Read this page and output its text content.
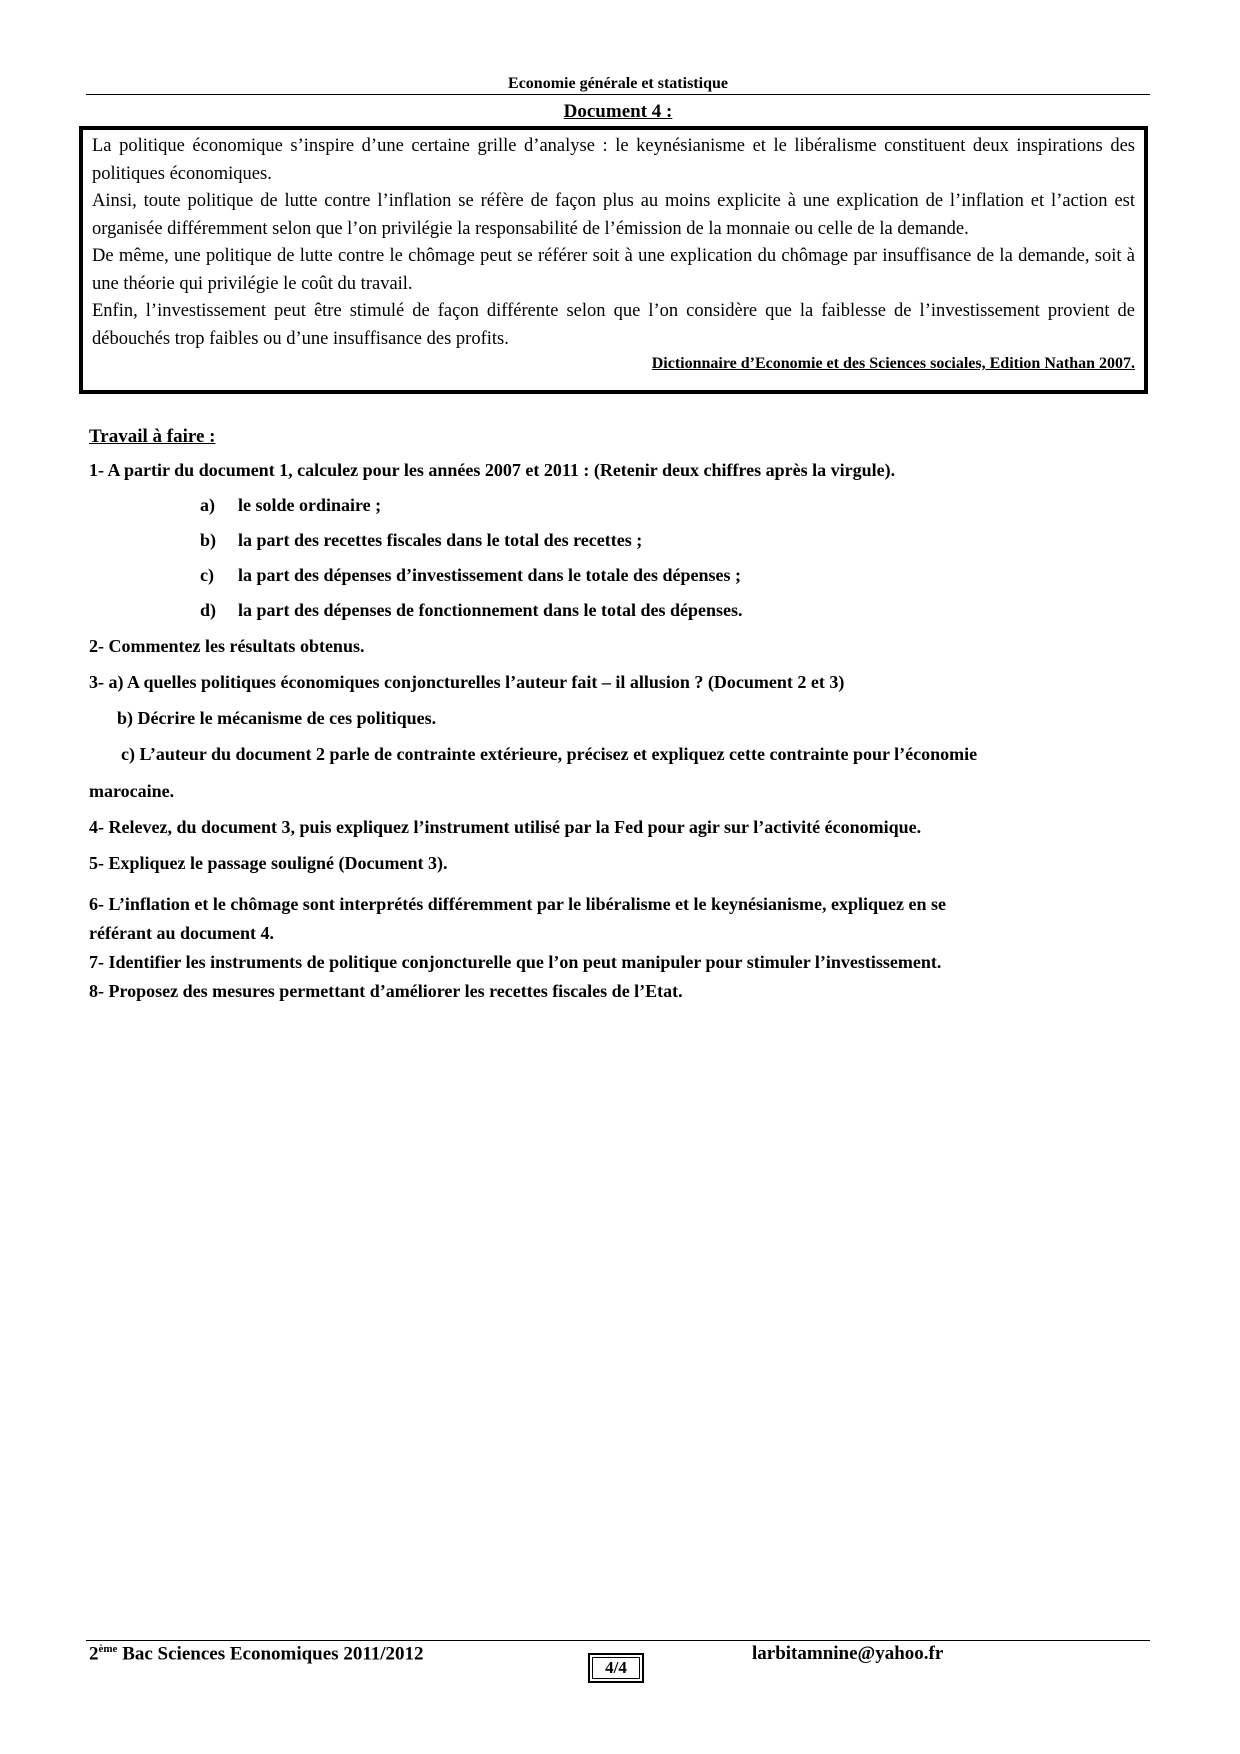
Economie générale et statistique
Document 4 :

La politique économique s’inspire d’une certaine grille d’analyse : le keynésianisme et le libéralisme constituent deux inspirations des politiques économiques.

Ainsi, toute politique de lutte contre l’inflation se réfère de façon plus au moins explicite à une explication de l’inflation et l’action est organisée différemment selon que l’on privilégie la responsabilité de l’émission de la monnaie ou celle de la demande.

De même, une politique de lutte contre le chômage peut se référer soit à une explication du chômage par insuffisance de la demande, soit à une théorie qui privilégie le coût du travail.

Enfin, l’investissement peut être stimulé de façon différente selon que l’on considère que la faiblesse de l’investissement provient de débouchés trop faibles ou d’une insuffisance des profits.

Dictionnaire d’Economie et des Sciences sociales, Edition Nathan 2007.
Travail à faire :
1- A partir du document 1, calculez pour les années 2007 et 2011 : (Retenir deux chiffres après la virgule).
a) le solde ordinaire ;
b) la part des recettes fiscales dans le total des recettes ;
c) la part des dépenses d’investissement dans le totale des dépenses ;
d) la part des dépenses de fonctionnement dans le total des dépenses.
2- Commentez les résultats obtenus.
3- a) A quelles politiques économiques conjoncturelles l’auteur fait – il allusion ? (Document 2 et 3)
b) Décrire le mécanisme de ces politiques.
c) L’auteur du document 2 parle de contrainte extérieure, précisez et expliquez cette contrainte pour l’économie
marocaine.
4- Relevez, du document 3, puis expliquez l’instrument utilisé par la Fed pour agir sur l’activité économique.
5- Expliquez le passage souligné (Document 3).
6- L’inflation et le chômage sont interprétés différemment par le libéralisme et le keynésianisme, expliquez en se
référant au document 4.
7- Identifier les instruments de politique conjoncturelle que l’on peut manipuler pour stimuler l’investissement.
8- Proposez des mesures permettant d’améliorer les recettes fiscales de l’Etat.
2ème Bac Sciences Economiques 2011/2012
4/4
larbitamnine@yahoo.fr
